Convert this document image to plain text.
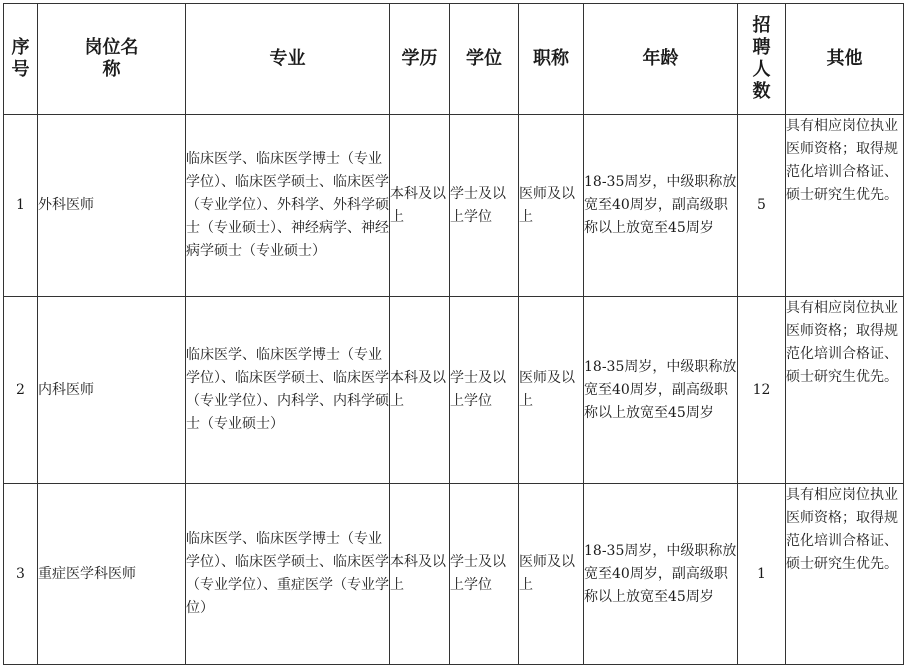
序号	岗位名称	专业	学历	学位	职称	年龄	招聘人数	其他
1	外科医师	临床医学、临床医学博士（专业学位）、临床医学硕士、临床医学（专业学位）、外科学、外科学硕士（专业硕士）、神经病学、神经病学硕士（专业硕士）	本科及以上	学士及以上学位	医师及以上	18-35周岁，中级职称放宽至40周岁，副高级职称以上放宽至45周岁	5	具有相应岗位执业医师资格；取得规范化培训合格证、硕士研究生优先。
2	内科医师	临床医学、临床医学博士（专业学位）、临床医学硕士、临床医学（专业学位）、内科学、内科学硕士（专业硕士）	本科及以上	学士及以上学位	医师及以上	18-35周岁，中级职称放宽至40周岁，副高级职称以上放宽至45周岁	12	具有相应岗位执业医师资格；取得规范化培训合格证、硕士研究生优先。
3	重症医学科医师	临床医学、临床医学博士（专业学位）、临床医学硕士、临床医学（专业学位）、重症医学（专业学位）	本科及以上	学士及以上学位	医师及以上	18-35周岁，中级职称放宽至40周岁，副高级职称以上放宽至45周岁	1	具有相应岗位执业医师资格；取得规范化培训合格证、硕士研究生优先。
